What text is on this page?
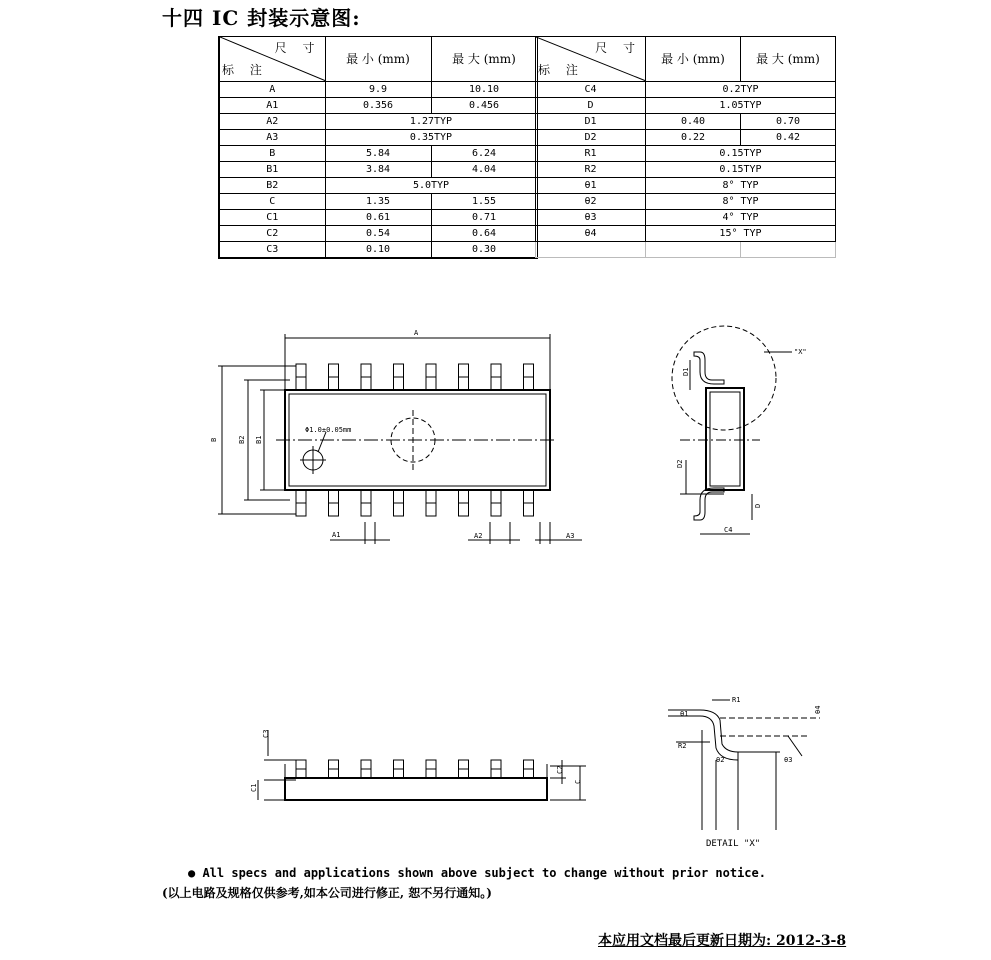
十四 IC 封装示意图:
尺 寸
标 注	最 小 (mm)	最 大 (mm)
A	9.9	10.10
A1	0.356	0.456
A2	1.27TYP	
A3	0.35TYP	
B	5.84	6.24
B1	3.84	4.04
B2	5.0TYP	
C	1.35	1.55
C1	0.61	0.71
C2	0.54	0.64
C3	0.10	0.30
尺 寸
标 注	最 小 (mm)	最 大 (mm)
C4	0.2TYP	
D	1.05TYP	
D1	0.40	0.70
D2	0.22	0.42
R1	0.15TYP	
R2	0.15TYP	
θ1	8° TYP	
θ2	8° TYP	
θ3	4° TYP	
θ4	15° TYP	

A
B	B2 B1
Φ1.0±0.05mm
A1	A2	A3
"X"
D1
D2
D
C4
C3
C1
C2
C
R1
R2
θ1
θ2	θ3
θ4
DETAIL "X"
● All specs and applications shown above subject to change without prior notice.
(以上电路及规格仅供参考,如本公司进行修正, 恕不另行通知。)
本应用文档最后更新日期为: 2012-3-8
